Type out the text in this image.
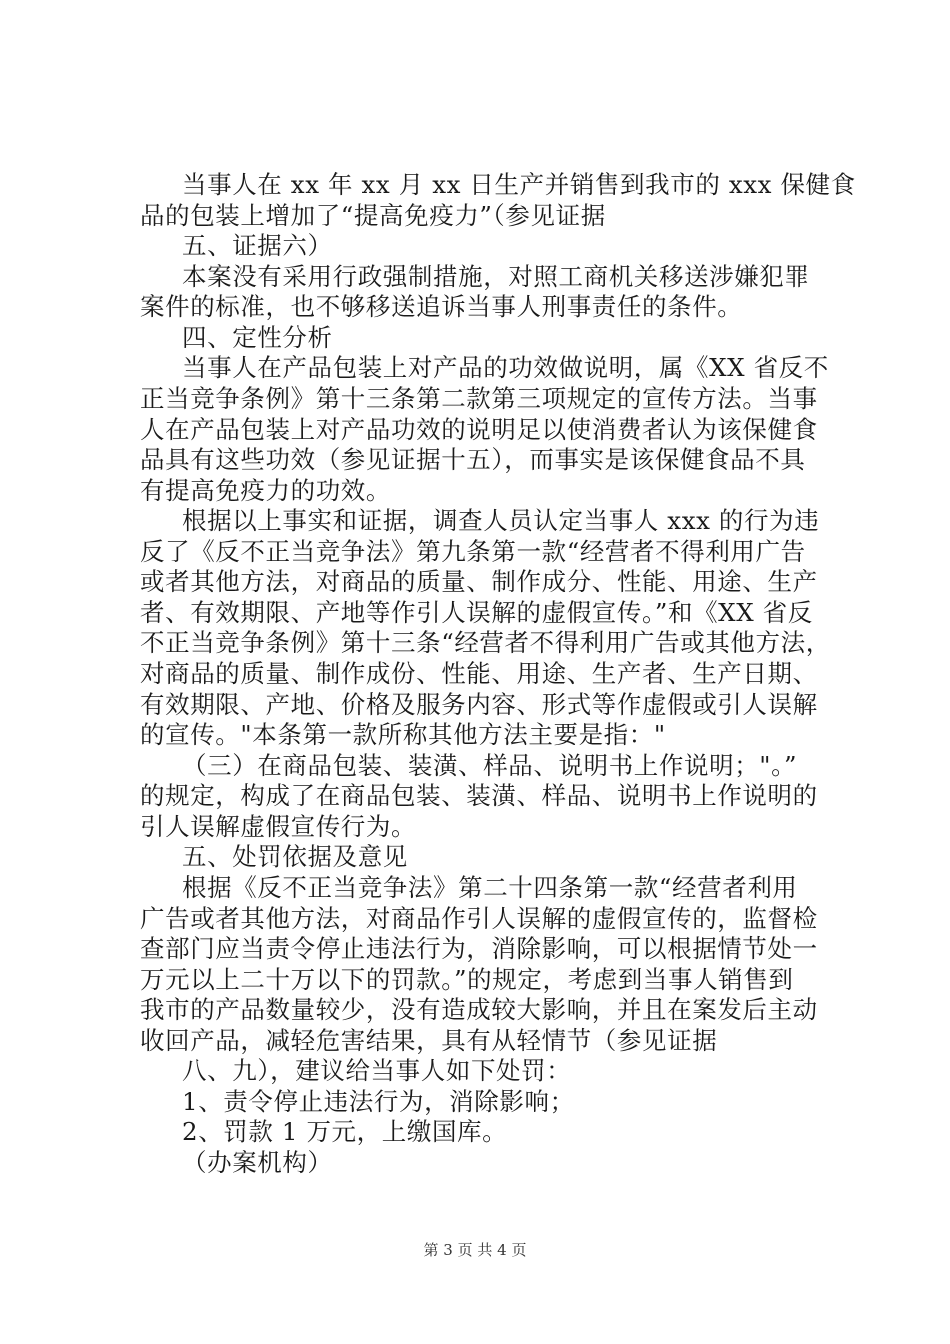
当事人在 xx 年 xx 月 xx 日生产并销售到我市的 xxx 保健食
品的包装上增加了“提高免疫力”（参见证据
五、证据六）
本案没有采用行政强制措施，对照工商机关移送涉嫌犯罪
案件的标准，也不够移送追诉当事人刑事责任的条件。
四、定性分析
当事人在产品包装上对产品的功效做说明，属《XX 省反不
正当竞争条例》第十三条第二款第三项规定的宣传方法。当事
人在产品包装上对产品功效的说明足以使消费者认为该保健食
品具有这些功效（参见证据十五），而事实是该保健食品不具
有提高免疫力的功效。
根据以上事实和证据，调查人员认定当事人 xxx 的行为违
反了《反不正当竞争法》第九条第一款“经营者不得利用广告
或者其他方法，对商品的质量、制作成分、性能、用途、生产
者、有效期限、产地等作引人误解的虚假宣传。”和《XX 省反
不正当竞争条例》第十三条“经营者不得利用广告或其他方法，
对商品的质量、制作成份、性能、用途、生产者、生产日期、
有效期限、产地、价格及服务内容、形式等作虚假或引人误解
的宣传。"本条第一款所称其他方法主要是指："
（三）在商品包装、装潢、样品、说明书上作说明；"。”
的规定，构成了在商品包装、装潢、样品、说明书上作说明的
引人误解虚假宣传行为。
五、处罚依据及意见
根据《反不正当竞争法》第二十四条第一款“经营者利用
广告或者其他方法，对商品作引人误解的虚假宣传的，监督检
查部门应当责令停止违法行为，消除影响，可以根据情节处一
万元以上二十万以下的罚款。”的规定，考虑到当事人销售到
我市的产品数量较少，没有造成较大影响，并且在案发后主动
收回产品，减轻危害结果，具有从轻情节（参见证据
八、九），建议给当事人如下处罚：
1、责令停止违法行为，消除影响；
2、罚款 1 万元，上缴国库。
（办案机构）
第 3 页 共 4 页
